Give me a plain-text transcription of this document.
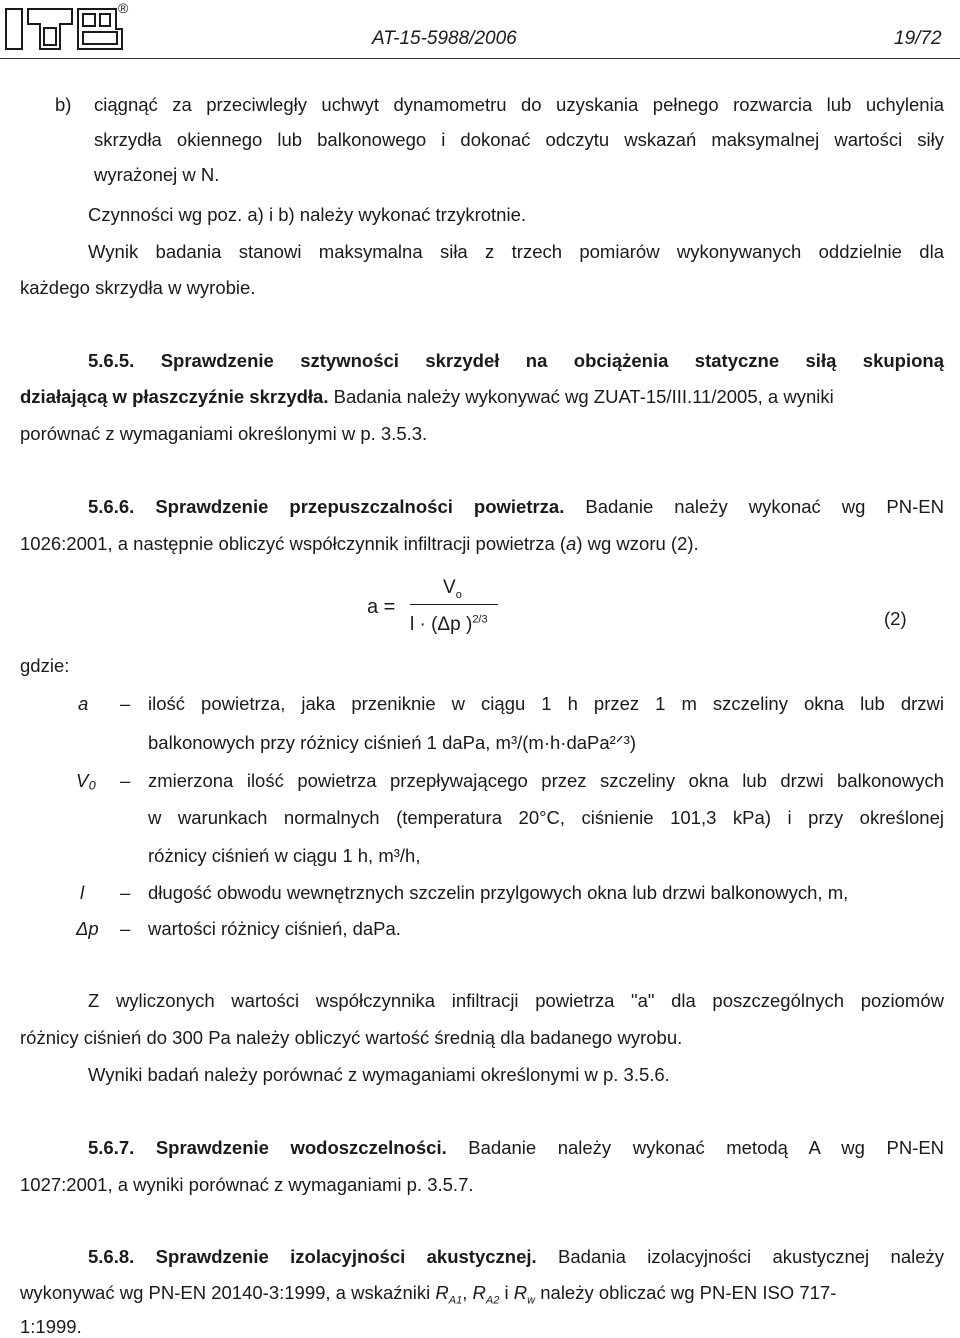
®
AT-15-5988/2006	19/72
b) ciągnąć za przeciwległy uchwyt dynamometru do uzyskania pełnego rozwarcia lub uchylenia
skrzydła okiennego lub balkonowego i dokonać odczytu wskazań maksymalnej wartości siły
wyrażonej w N.
Czynności wg poz. a) i b) należy wykonać trzykrotnie.
Wynik badania stanowi maksymalna siła z trzech pomiarów wykonywanych oddzielnie dla
każdego skrzydła w wyrobie.
5.6.5. Sprawdzenie sztywności skrzydeł na obciążenia statyczne siłą skupioną
działającą w płaszczyźnie skrzydła. Badania należy wykonywać wg ZUAT-15/III.11/2005, a wyniki
porównać z wymaganiami określonymi w p. 3.5.3.
5.6.6. Sprawdzenie przepuszczalności powietrza. Badanie należy wykonać wg PN-EN
1026:2001, a następnie obliczyć współczynnik infiltracji powietrza (a) wg wzoru (2).
a =
$V_o$
l · (Δp )$^{2/3}$	(2)
gdzie:
a – ilość powietrza, jaka przeniknie w ciągu 1 h przez 1 m szczeliny okna lub drzwi
balkonowych przy różnicy ciśnień 1 daPa, m³/(m·h·daPa²ᐟ³)
V₀ – zmierzona ilość powietrza przepływającego przez szczeliny okna lub drzwi balkonowych
w warunkach normalnych (temperatura 20°C, ciśnienie 101,3 kPa) i przy określonej
różnicy ciśnień w ciągu 1 h, m³/h,
l – długość obwodu wewnętrznych szczelin przylgowych okna lub drzwi balkonowych, m,
Δp – wartości różnicy ciśnień, daPa.
Z wyliczonych wartości współczynnika infiltracji powietrza "a" dla poszczególnych poziomów
różnicy ciśnień do 300 Pa należy obliczyć wartość średnią dla badanego wyrobu.
Wyniki badań należy porównać z wymaganiami określonymi w p. 3.5.6.
5.6.7. Sprawdzenie wodoszczelności. Badanie należy wykonać metodą A wg PN-EN
1027:2001, a wyniki porównać z wymaganiami p. 3.5.7.
5.6.8. Sprawdzenie izolacyjności akustycznej. Badania izolacyjności akustycznej należy
wykonywać wg PN-EN 20140-3:1999, a wskaźniki $R_{A1}$, $R_{A2}$ i $R_w$ należy obliczać wg PN-EN ISO 717-
1:1999.
